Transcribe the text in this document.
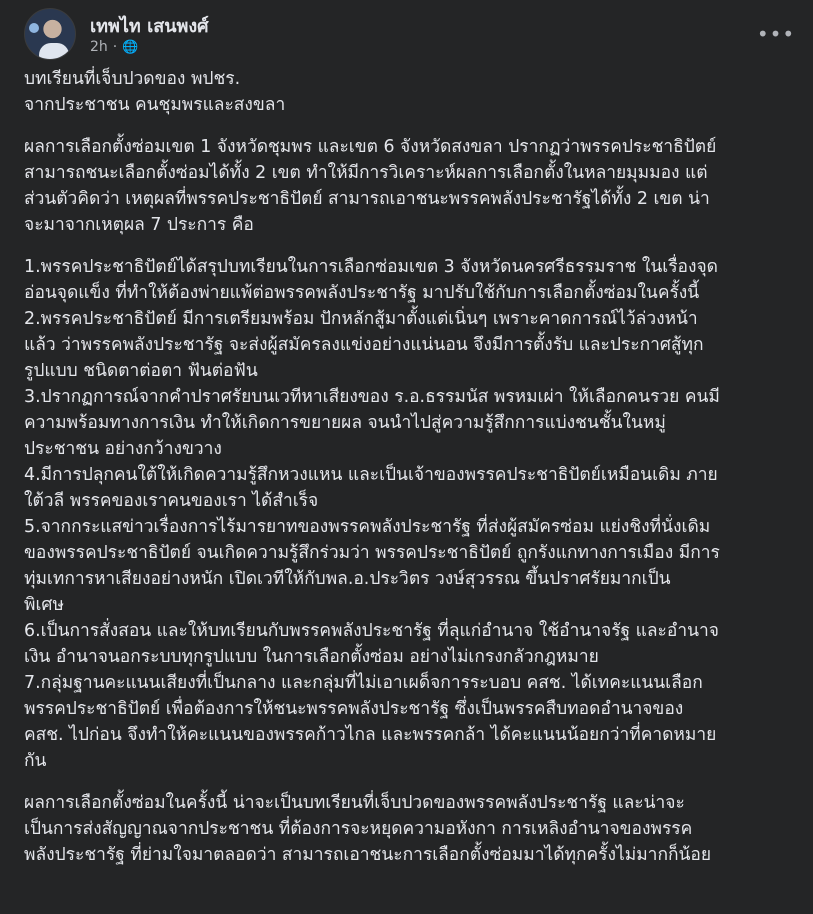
เทพไท เสนพงศ์
2h · 🌐
•••
บทเรียนที่เจ็บปวดของ พปชร.
จากประชาชน คนชุมพรและสงขลา
ผลการเลือกตั้งซ่อมเขต 1 จังหวัดชุมพร และเขต 6 จังหวัดสงขลา ปรากฏว่าพรรคประชาธิปัตย์
สามารถชนะเลือกตั้งซ่อมได้ทั้ง 2 เขต ทำให้มีการวิเคราะห์ผลการเลือกตั้งในหลายมุมมอง แต่
ส่วนตัวคิดว่า เหตุผลที่พรรคประชาธิปัตย์ สามารถเอาชนะพรรคพลังประชารัฐได้ทั้ง 2 เขต น่า
จะมาจากเหตุผล 7 ประการ คือ
1.พรรคประชาธิปัตย์ได้สรุปบทเรียนในการเลือกซ่อมเขต 3 จังหวัดนครศรีธรรมราช ในเรื่องจุด
อ่อนจุดแข็ง ที่ทำให้ต้องพ่ายแพ้ต่อพรรคพลังประชารัฐ มาปรับใช้กับการเลือกตั้งซ่อมในครั้งนี้
2.พรรคประชาธิปัตย์ มีการเตรียมพร้อม ปักหลักสู้มาตั้งแต่เนิ่นๆ เพราะคาดการณ์ไว้ล่วงหน้า
แล้ว ว่าพรรคพลังประชารัฐ จะส่งผู้สมัครลงแข่งอย่างแน่นอน จึงมีการตั้งรับ และประกาศสู้ทุก
รูปแบบ ชนิดตาต่อตา ฟันต่อฟัน
3.ปรากฏการณ์จากคำปราศรัยบนเวทีหาเสียงของ ร.อ.ธรรมนัส พรหมเผ่า ให้เลือกคนรวย คนมี
ความพร้อมทางการเงิน ทำให้เกิดการขยายผล จนนำไปสู่ความรู้สึกการแบ่งชนชั้นในหมู่
ประชาชน อย่างกว้างขวาง
4.มีการปลุกคนใต้ให้เกิดความรู้สึกหวงแหน และเป็นเจ้าของพรรคประชาธิปัตย์เหมือนเดิม ภาย
ใต้วลี พรรคของเราคนของเรา ได้สำเร็จ
5.จากกระแสข่าวเรื่องการไร้มารยาทของพรรคพลังประชารัฐ ที่ส่งผู้สมัครซ่อม แย่งชิงที่นั่งเดิม
ของพรรคประชาธิปัตย์ จนเกิดความรู้สึกร่วมว่า พรรคประชาธิปัตย์ ถูกรังแกทางการเมือง มีการ
ทุ่มเทการหาเสียงอย่างหนัก เปิดเวทีให้กับพล.อ.ประวิตร วงษ์สุวรรณ ขึ้นปราศรัยมากเป็น
พิเศษ
6.เป็นการสั่งสอน และให้บทเรียนกับพรรคพลังประชารัฐ ที่ลุแก่อำนาจ ใช้อำนาจรัฐ และอำนาจ
เงิน อำนาจนอกระบบทุกรูปแบบ ในการเลือกตั้งซ่อม อย่างไม่เกรงกลัวกฎหมาย
7.กลุ่มฐานคะแนนเสียงที่เป็นกลาง และกลุ่มที่ไม่เอาเผด็จการระบอบ คสช. ได้เทคะแนนเลือก
พรรคประชาธิปัตย์ เพื่อต้องการให้ชนะพรรคพลังประชารัฐ ซึ่งเป็นพรรคสืบทอดอำนาจของ
คสช. ไปก่อน จึงทำให้คะแนนของพรรคก้าวไกล และพรรคกล้า ได้คะแนนน้อยกว่าที่คาดหมาย
กัน
ผลการเลือกตั้งซ่อมในครั้งนี้ น่าจะเป็นบทเรียนที่เจ็บปวดของพรรคพลังประชารัฐ และน่าจะ
เป็นการส่งสัญญาณจากประชาชน ที่ต้องการจะหยุดความอหังกา การเหลิงอำนาจของพรรค
พลังประชารัฐ ที่ย่ามใจมาตลอดว่า สามารถเอาชนะการเลือกตั้งซ่อมมาได้ทุกครั้งไม่มากก็น้อย
